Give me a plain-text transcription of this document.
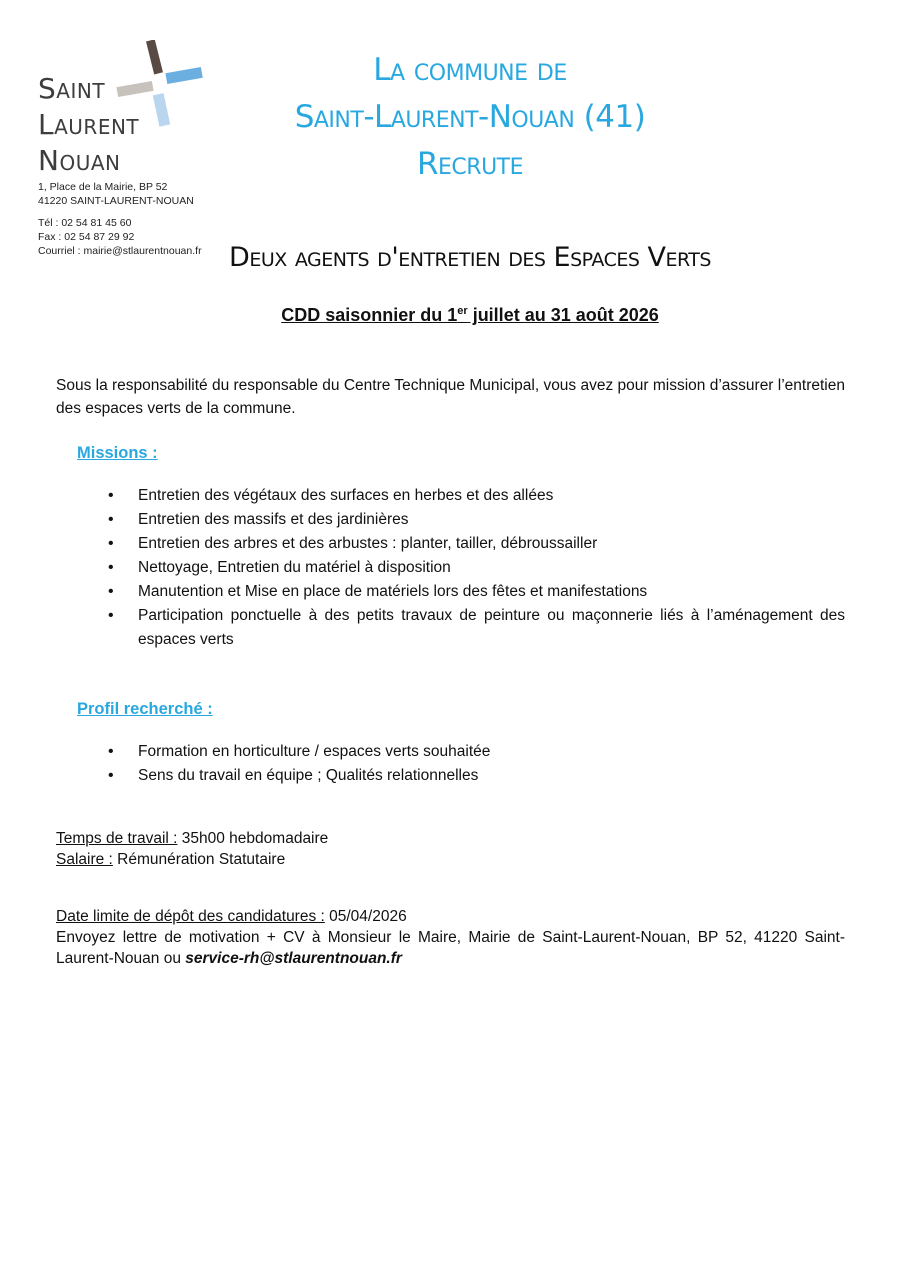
Saint
Laurent
Nouan
1, Place de la Mairie, BP 52
41220 SAINT-LAURENT-NOUAN
Tél : 02 54 81 45 60
Fax : 02 54 87 29 92
Courriel : mairie@stlaurentnouan.fr
La commune de
Saint-Laurent-Nouan (41)
Recrute
Deux agents d'entretien des Espaces Verts
CDD saisonnier du 1er juillet au 31 août 2026
Sous la responsabilité du responsable du Centre Technique Municipal, vous avez pour mission d’assurer l’entretien des espaces verts de la commune.
Missions :
• Entretien des végétaux des surfaces en herbes et des allées
• Entretien des massifs et des jardinières
• Entretien des arbres et des arbustes : planter, tailler, débroussailler
• Nettoyage, Entretien du matériel à disposition
• Manutention et Mise en place de matériels lors des fêtes et manifestations
• Participation ponctuelle à des petits travaux de peinture ou maçonnerie liés à l’aménagement des espaces verts
Profil recherché :
• Formation en horticulture / espaces verts souhaitée
• Sens du travail en équipe ; Qualités relationnelles
Temps de travail : 35h00 hebdomadaire
Salaire : Rémunération Statutaire
Date limite de dépôt des candidatures : 05/04/2026
Envoyez lettre de motivation + CV à Monsieur le Maire, Mairie de Saint-Laurent-Nouan, BP 52, 41220 Saint-Laurent-Nouan ou service-rh@stlaurentnouan.fr
